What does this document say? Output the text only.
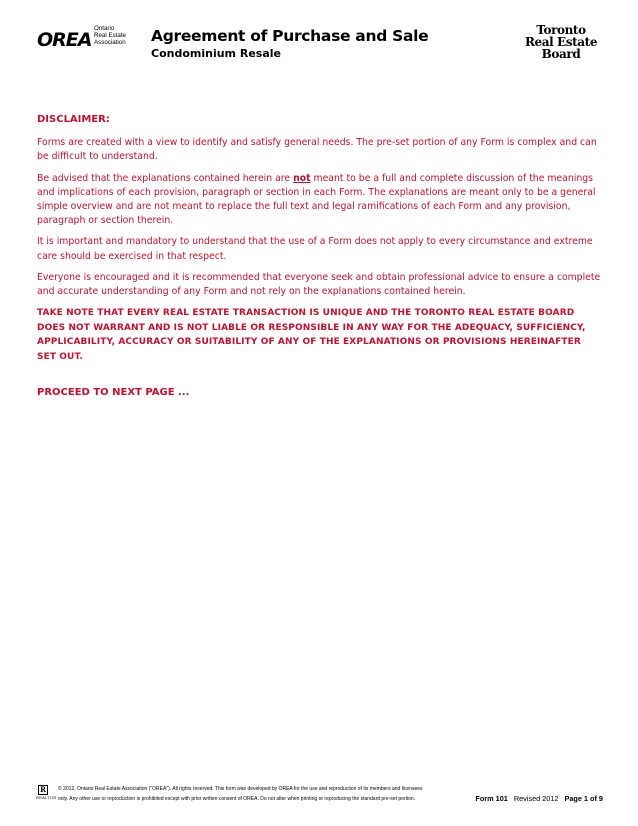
OREA
Ontario
Real Estate
Association Agreement of Purchase and Sale
Condominium Resale
Toronto
Real Estate
Board

DISCLAIMER:

Forms are created with a view to identify and satisfy general needs. The pre-set portion of any Form is complex and can be difficult to understand.

Be advised that the explanations contained herein are not meant to be a full and complete discussion of the meanings and implications of each provision, paragraph or section in each Form. The explanations are meant only to be a general simple overview and are not meant to replace the full text and legal ramifications of each Form and any provision, paragraph or section therein.

It is important and mandatory to understand that the use of a Form does not apply to every circumstance and extreme care should be exercised in that respect.

Everyone is encouraged and it is recommended that everyone seek and obtain professional advice to ensure a complete and accurate understanding of any Form and not rely on the explanations contained herein.

TAKE NOTE THAT EVERY REAL ESTATE TRANSACTION IS UNIQUE AND THE TORONTO REAL ESTATE BOARD DOES NOT WARRANT AND IS NOT LIABLE OR RESPONSIBLE IN ANY WAY FOR THE ADEQUACY, SUFFICIENCY, APPLICABILITY, ACCURACY OR SUITABILITY OF ANY OF THE EXPLANATIONS OR PROVISIONS HEREINAFTER SET OUT.

PROCEED TO NEXT PAGE ...

R
REALTOR
© 2012, Ontario Real Estate Association ("OREA"). All rights reserved. This form was developed by OREA for the use and reproduction of its members and licensees
only. Any other use or reproduction is prohibited except with prior written consent of OREA. Do not alter when printing or reproducing the standard pre-set portion.	Form 101 Revised 2012 Page 1 of 9
